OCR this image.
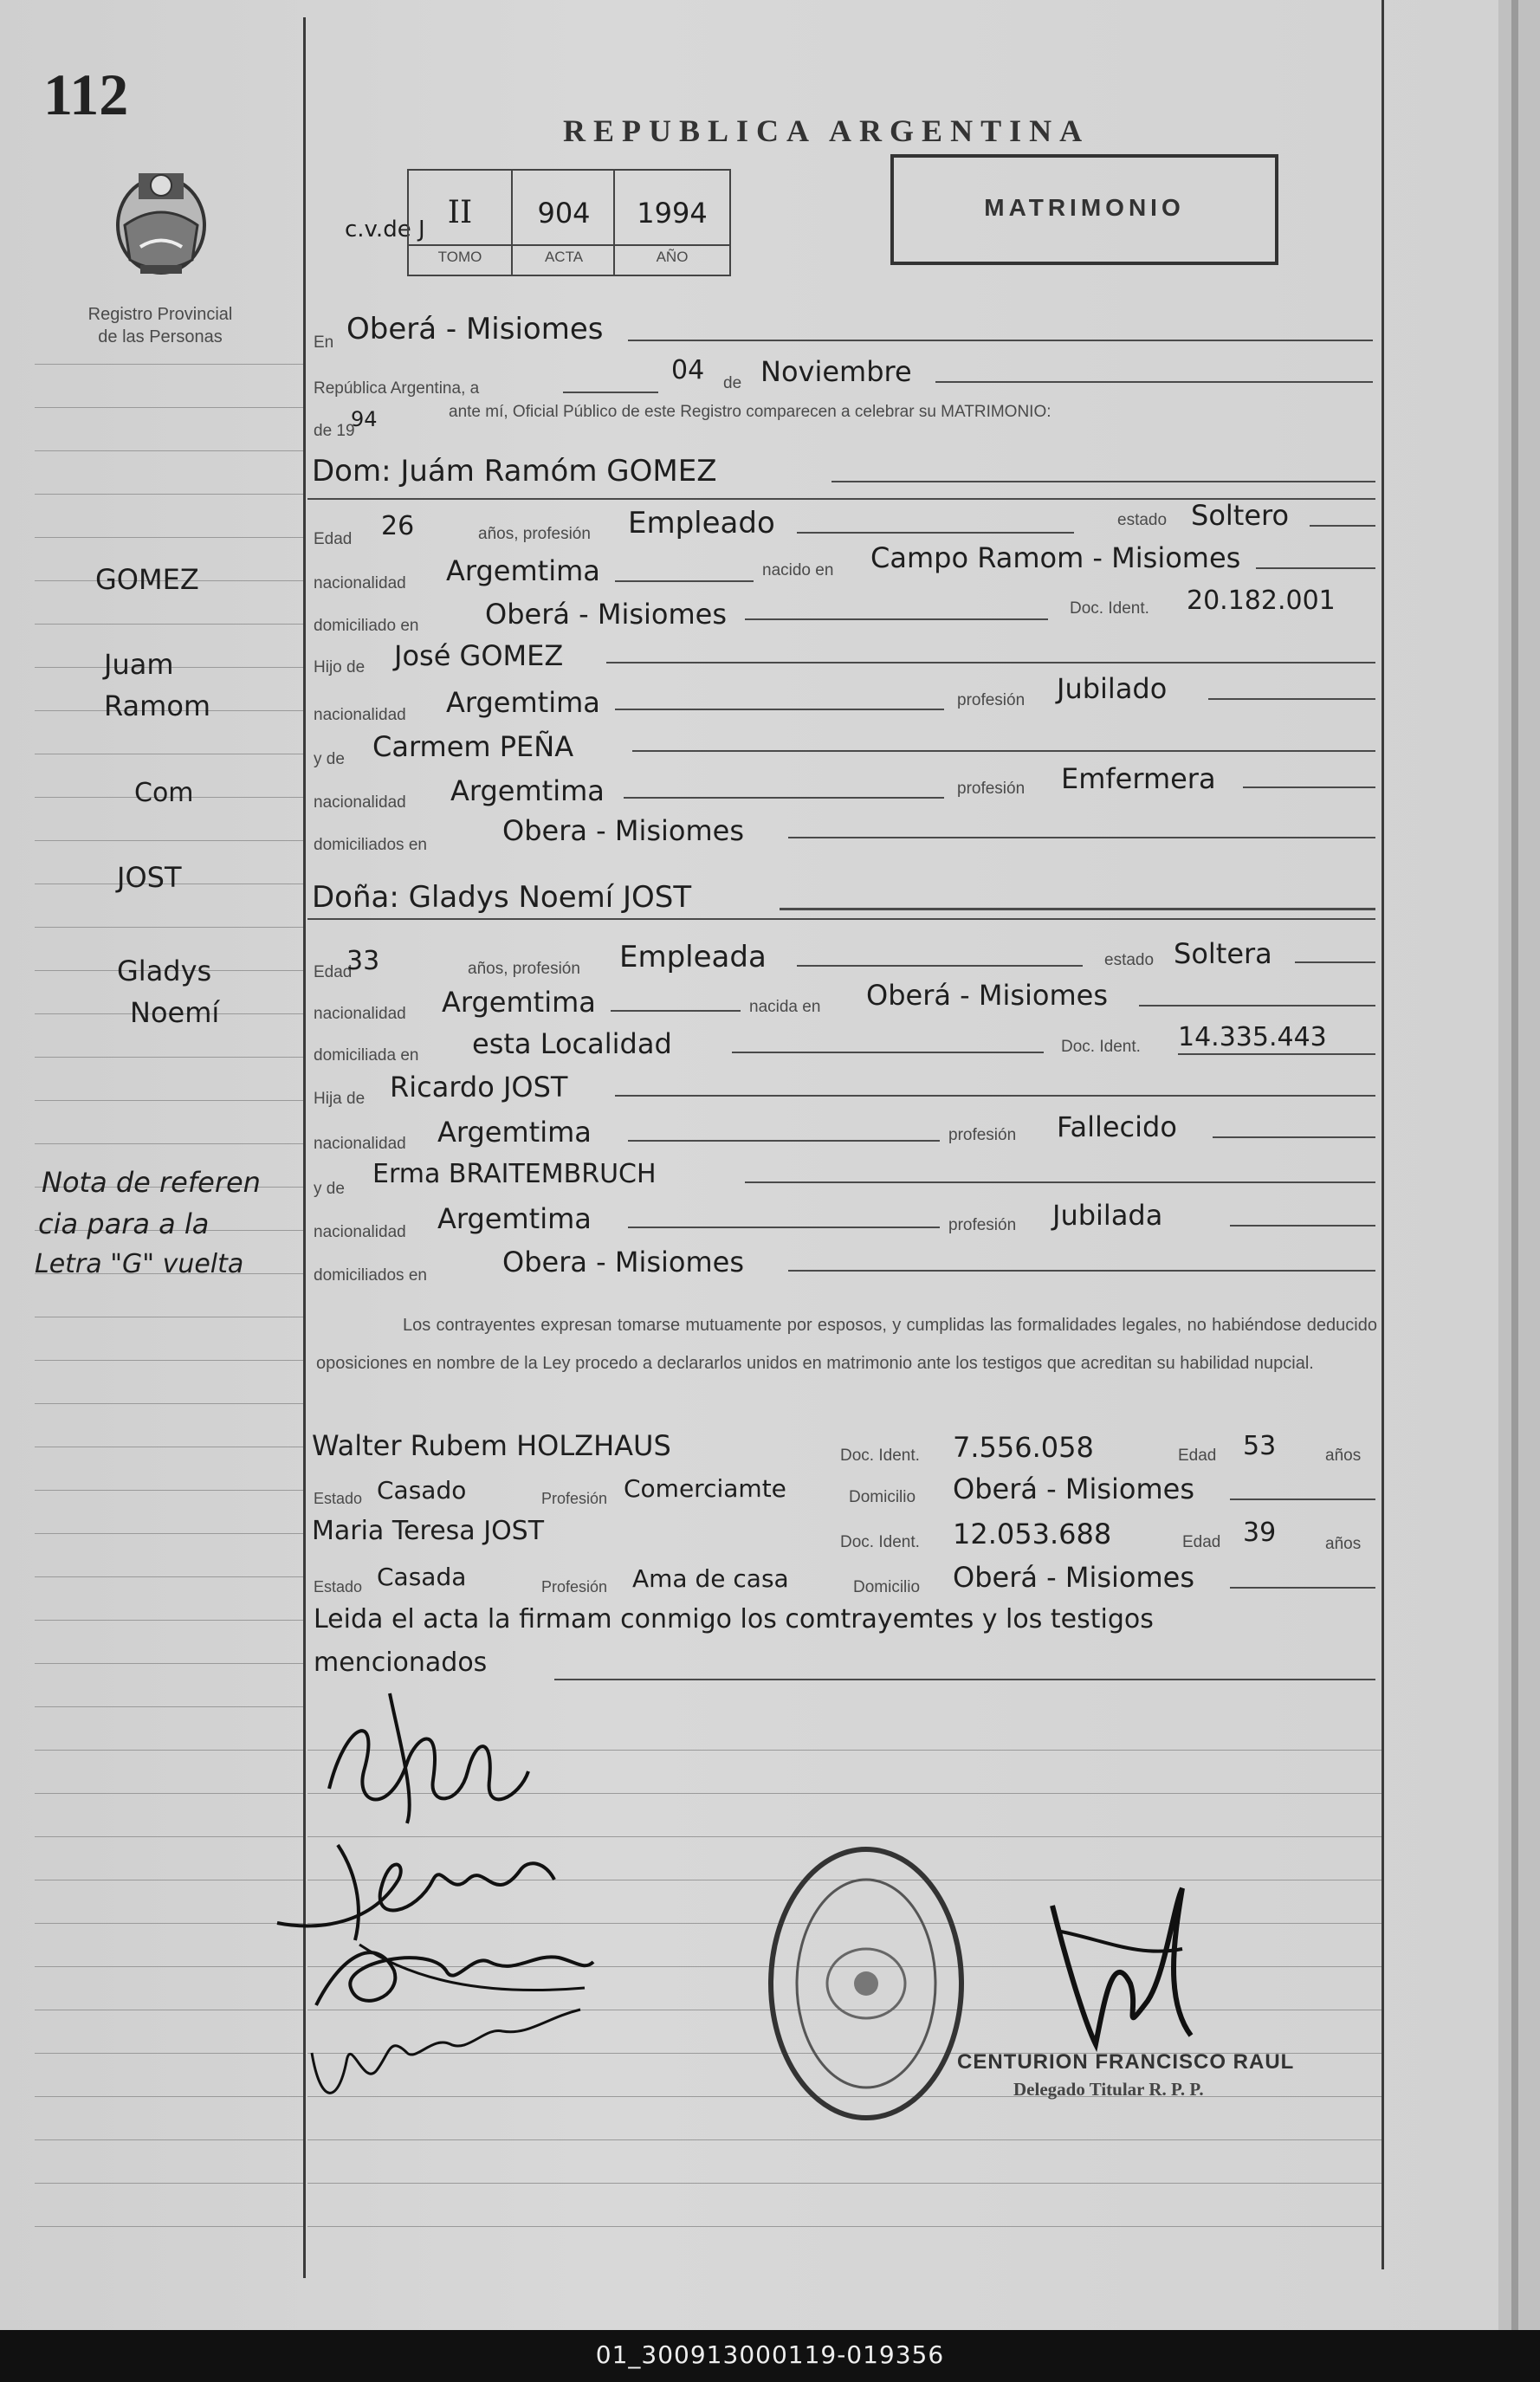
112
Registro Provincial
de las Personas
REPUBLICA ARGENTINA
MATRIMONIO
c.v.de J II	904	1994
TOMO	ACTA	AÑO
En Oberá - Misiomes
República Argentina, a
04 de Noviembre
de 19
94	ante mí, Oficial Público de este Registro comparecen a celebrar su MATRIMONIO:
Dom: Juám Ramóm GOMEZ
Edad 26	años, profesión Empleado	estado Soltero
nacionalidad Argemtima	nacido en Campo Ramom - Misiomes
domiciliado en Oberá - Misiomes	Doc. Ident. 20.182.001
Hijo de José GOMEZ
nacionalidad Argemtima	profesión Jubilado
y de Carmem PEÑA
nacionalidad Argemtima	profesión Emfermera
domiciliados en	Obera - Misiomes
Doña: Gladys Noemí JOST
Edad
33	años, profesión Empleada	estado Soltera
nacionalidad Argemtima	nacida en Oberá - Misiomes
domiciliada en esta Localidad	Doc. Ident. 14.335.443
Hija de Ricardo JOST
nacionalidad Argemtima	profesión Fallecido
y de Erma BRAITEMBRUCH
nacionalidad Argemtima	profesión Jubilada
domiciliados en	Obera - Misiomes
Los contrayentes expresan tomarse mutuamente por esposos, y cumplidas las formalidades legales, no habiéndose deducido oposiciones en nombre de la Ley procedo a declararlos unidos en matrimonio ante los testigos que acreditan su habilidad nupcial.
Walter Rubem HOLZHAUS	Doc. Ident. 7.556.058	Edad 53	años
Estado Casado	Profesión Comerciamte	Domicilio Oberá - Misiomes
Maria Teresa JOST	Doc. Ident. 12.053.688	Edad 39	años
Estado Casada	Profesión Ama de casa	Domicilio Oberá - Misiomes
Leida el acta la firmam conmigo los comtrayemtes y los testigos
mencionados
GOMEZ
Juam
Ramom
Com
JOST
Gladys
Noemí
Nota de referen
cia para a la
Letra "G" vuelta
CENTURION FRANCISCO RAUL
Delegado Titular R. P. P.
01_300913000119-019356
